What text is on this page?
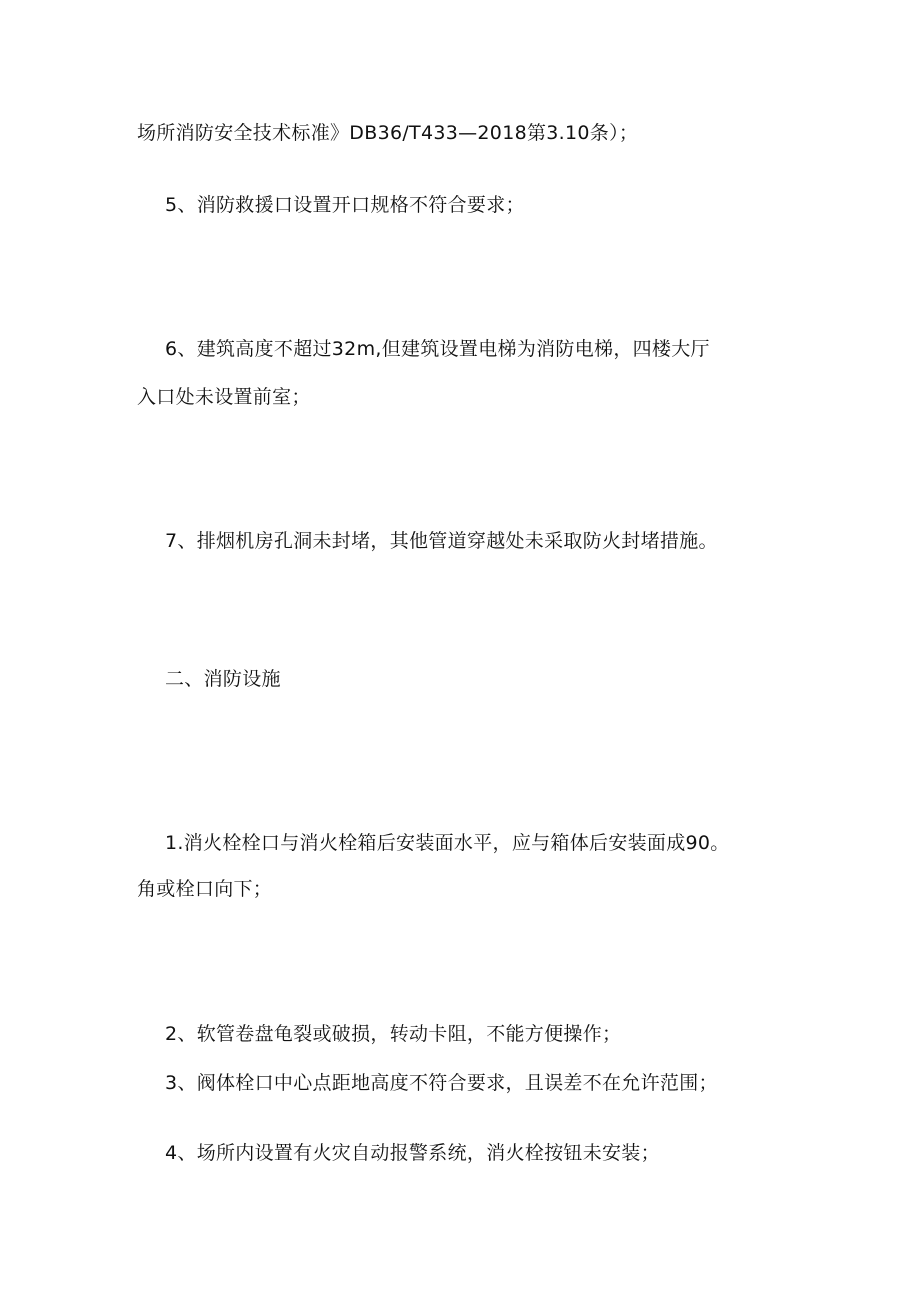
场所消防安全技术标准》DB36/T433—2018第3.10条）；

5、消防救援口设置开口规格不符合要求；

6、建筑高度不超过32m,但建筑设置电梯为消防电梯，四楼大厅

入口处未设置前室；

7、排烟机房孔洞未封堵，其他管道穿越处未采取防火封堵措施。

二、消防设施

1.消火栓栓口与消火栓箱后安装面水平，应与箱体后安装面成90。

角或栓口向下；

2、软管卷盘龟裂或破损，转动卡阻，不能方便操作；

3、阀体栓口中心点距地高度不符合要求，且误差不在允许范围；

4、场所内设置有火灾自动报警系统，消火栓按钮未安装；
